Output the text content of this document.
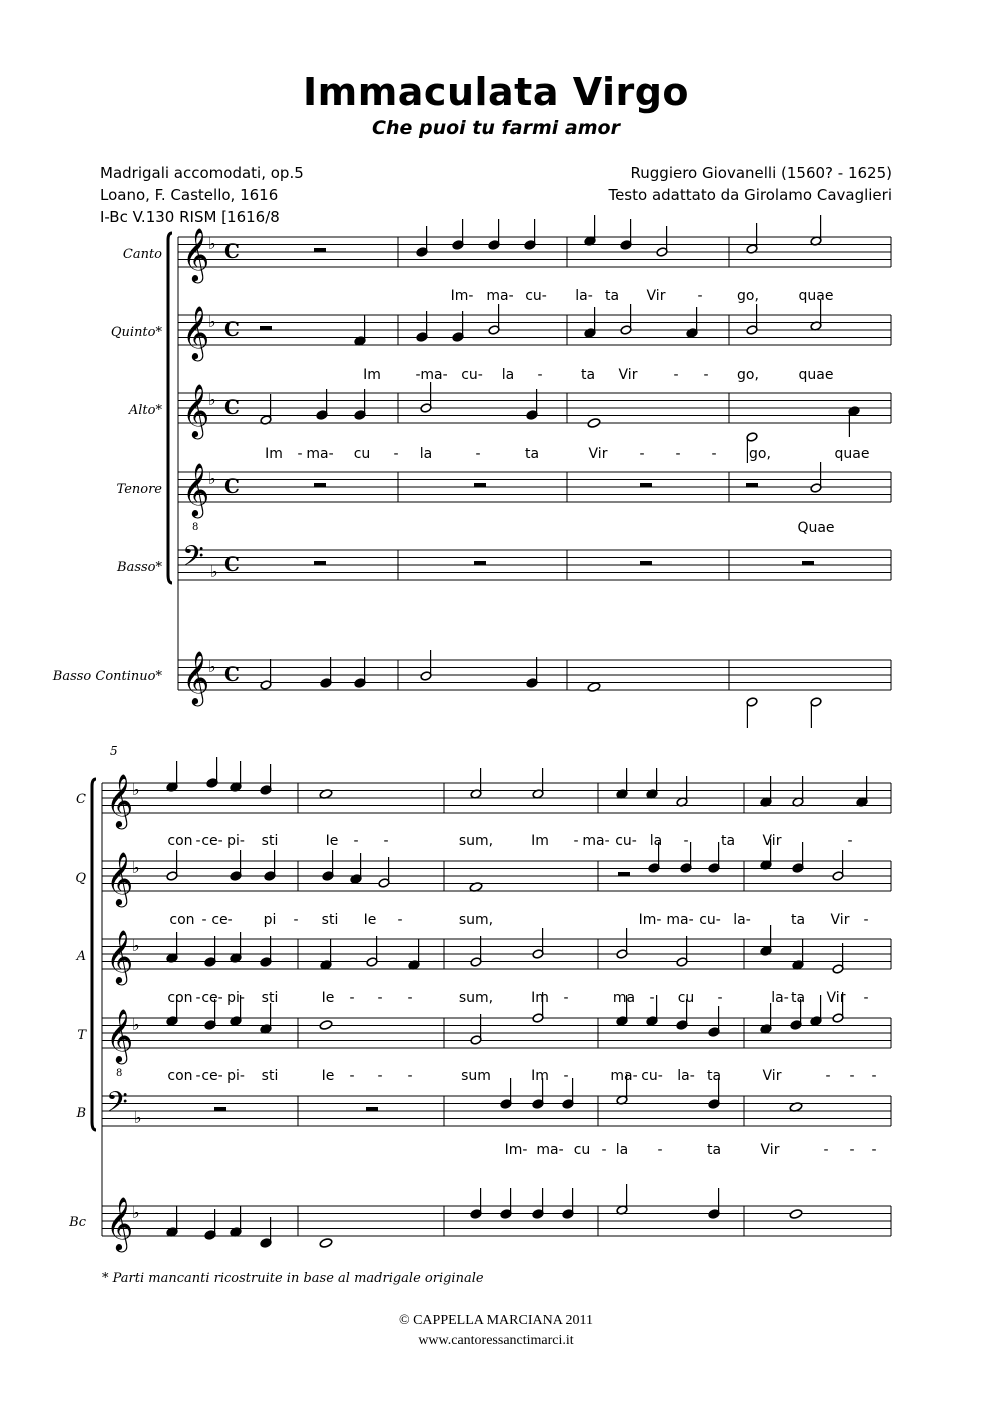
Immaculata Virgo
Che puoi tu farmi amor
Madrigali accomodati, op.5
Loano, F. Castello, 1616
I-Bc V.130 RISM [1616/8
Ruggiero Giovanelli (1560? - 1625)
Testo adattato da Girolamo Cavaglieri
Canto
Quinto*
Alto*
Tenore
Basso*
Basso Continuo*
C
Q
A
T
B
Bc
5
𝄞
♭ C
𝄞
♭ C
𝄞
♭ C
𝄞
8
♭ C
𝄢 ♭ C
𝄞
♭ C
Im- ma- cu- la- ta Vir - go,	quae
Im - ma- cu- la -	ta Vir	- - go,	quae
Im - ma- cu - la	-	ta	Vir - - - go,	quae
Quae
𝄞
♭
𝄞
♭
𝄞
♭
𝄞
8
♭
𝄢 ♭
𝄞
♭
con - ce- pi- sti	Ie - -	sum,	Im - ma- cu- la - ta Vir	-
con - ce- pi - sti Ie -	sum,	Im- ma- cu- la-	ta Vir -
con - ce- pi- sti	Ie - - -	sum,	Im -	ma - cu -	la- ta Vir -
con - ce- pi- sti	Ie - - -	sum	Im -	ma- cu- la- ta	Vir	- - -
Im- ma- cu - la -	ta	Vir	- - -
* Parti mancanti ricostruite in base al madrigale originale
© CAPPELLA MARCIANA 2011
www.cantoressanctimarci.it
